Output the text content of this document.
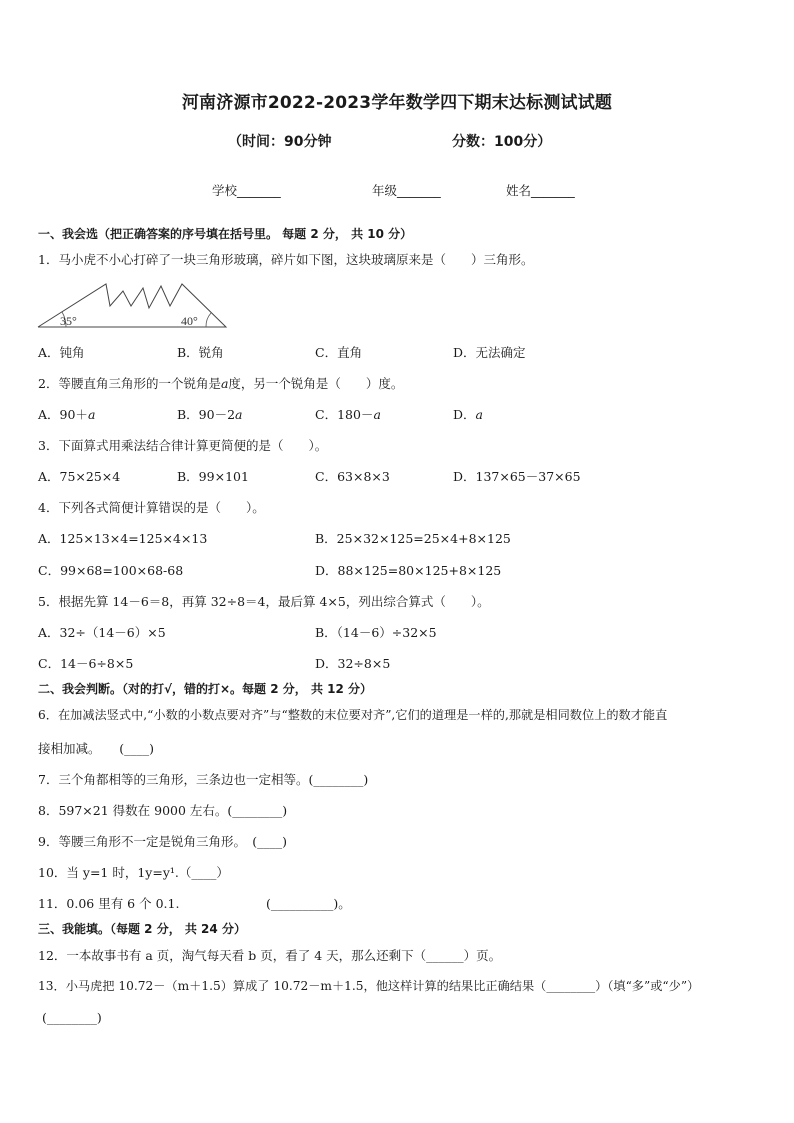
河南济源市2022-2023学年数学四下期末达标测试试题
（时间：90分钟	分数：100分）
学校_______	年级_______	姓名_______
一、我会选（把正确答案的序号填在括号里。 每题 2 分， 共 10 分）
1．马小虎不小心打碎了一块三角形玻璃，碎片如下图，这块玻璃原来是（　　）三角形。
35°	40°
A．钝角	B．锐角	C．直角	D．无法确定
2．等腰直角三角形的一个锐角是a度，另一个锐角是（　　）度。
A．90＋a	B．90－2a	C．180－a	D．a
3．下面算式用乘法结合律计算更简便的是（　　）。
A．75×25×4	B．99×101	C．63×8×3	D．137×65－37×65
4．下列各式简便计算错误的是（　　）。
A．125×13×4=125×4×13	B．25×32×125=25×4+8×125
C．99×68=100×68-68	D．88×125=80×125+8×125
5．根据先算 14－6＝8，再算 32÷8＝4，最后算 4×5，列出综合算式（　　）。
A．32÷（14－6）×5	B．（14－6）÷32×5
C．14－6÷8×5	D．32÷8×5
二、我会判断。（对的打√，错的打×。每题 2 分， 共 12 分）
6．在加减法竖式中,“小数的小数点要对齐”与“整数的末位要对齐”,它们的道理是一样的,那就是相同数位上的数才能直
接相加减。　　(____)
7．三个角都相等的三角形，三条边也一定相等。(________)
8．597×21 得数在 9000 左右。(________)
9．等腰三角形不一定是锐角三角形。　(____)
10．当 y=1 时，1y=y¹.（____）
11．0.06 里有 6 个 0.1.	(__________)。
三、我能填。（每题 2 分， 共 24 分）
12．一本故事书有 a 页，淘气每天看 b 页，看了 4 天，那么还剩下（______）页。
13．小马虎把 10.72－（m＋1.5）算成了 10.72－m＋1.5，他这样计算的结果比正确结果（________）（填“多”或“少”）
(________)
